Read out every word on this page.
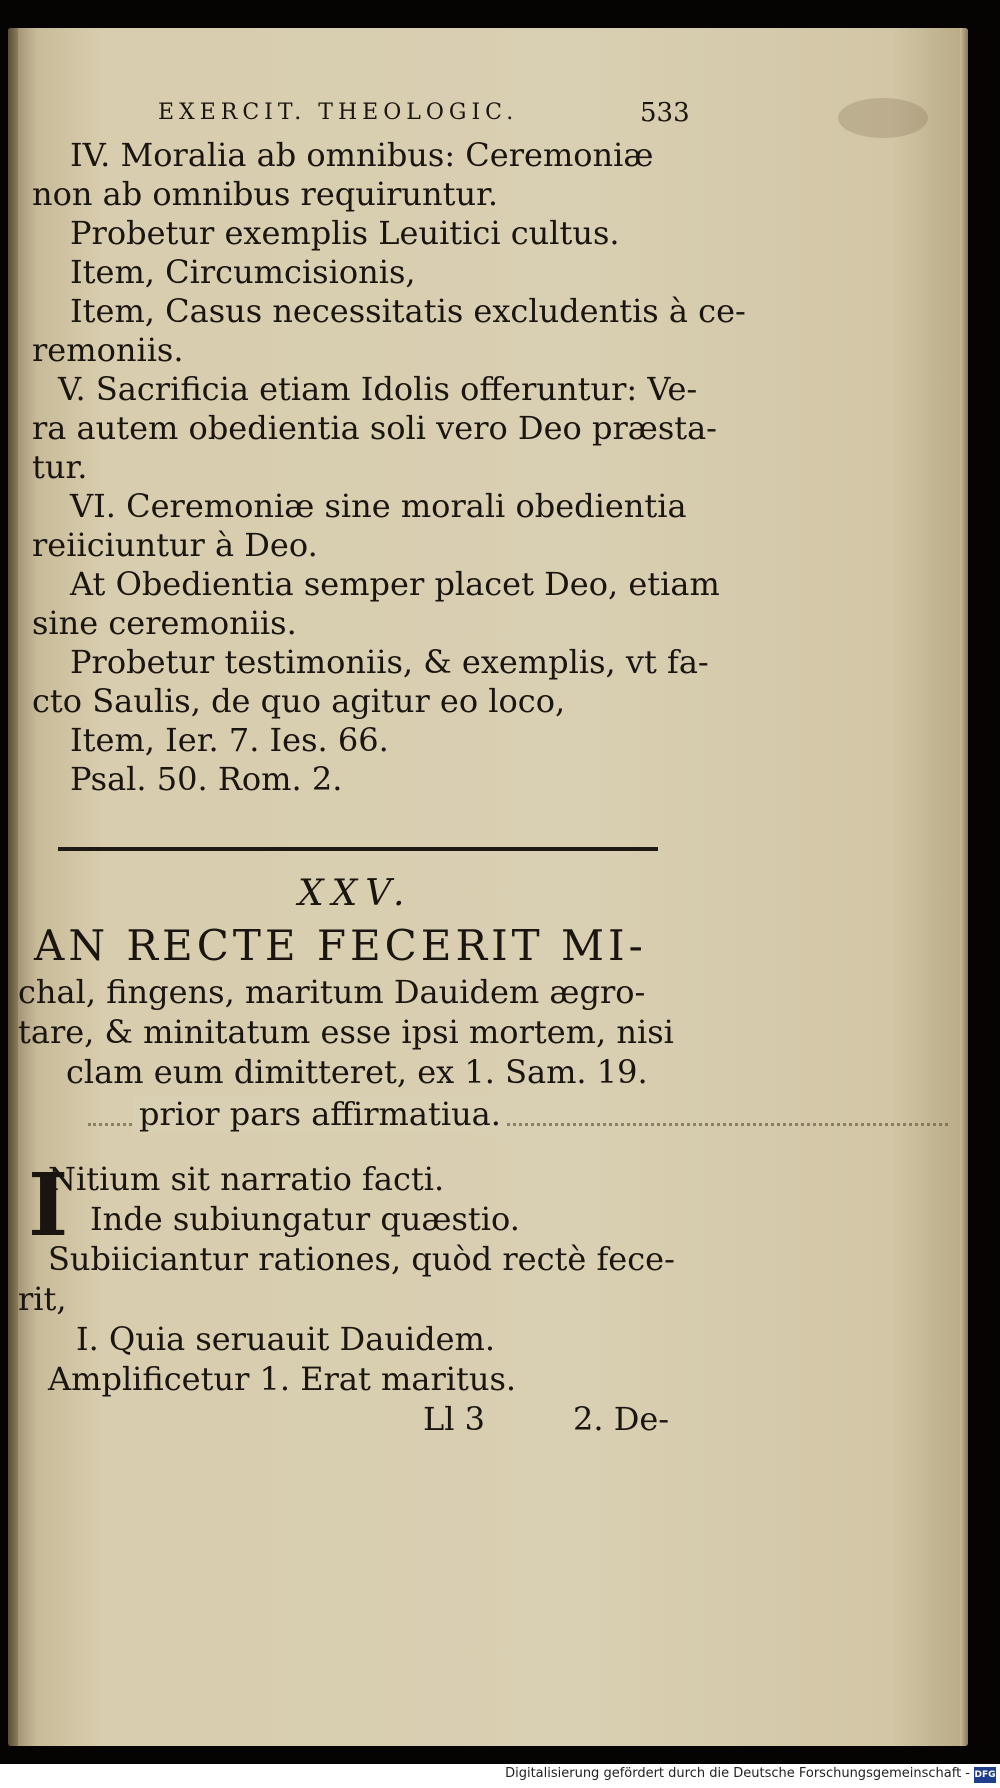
EXERCIT. THEOLOGIC.	533
IV. Moralia ab omnibus: Ceremoniæ
non ab omnibus requiruntur.
Probetur exemplis Leuitici cultus.
Item, Circumcisionis,
Item, Casus necessitatis excludentis à ce-
remoniis.
V. Sacrificia etiam Idolis offeruntur: Ve-
ra autem obedientia soli vero Deo præsta-
tur.
VI. Ceremoniæ sine morali obedientia
reiiciuntur à Deo.
At Obedientia semper placet Deo, etiam
sine ceremoniis.
Probetur testimoniis, & exemplis, vt fa-
cto Saulis, de quo agitur eo loco,
Item, Ier. 7. Ies. 66.
Psal. 50. Rom. 2.
XXV.
AN RECTE FECERIT MI-
chal, fingens, maritum Dauidem ægro-
tare, & minitatum esse ipsi mortem, nisi
clam eum dimitteret, ex 1. Sam. 19.
prior pars affirmatiua.
I
Nitium sit narratio facti.
Inde subiungatur quæstio.
Subiiciantur rationes, quòd rectè fece-
rit,
I. Quia seruauit Dauidem.
Amplificetur 1. Erat maritus.
Ll 3	2. De-
Digitalisierung gefördert durch die Deutsche Forschungsgemeinschaft - DFG
